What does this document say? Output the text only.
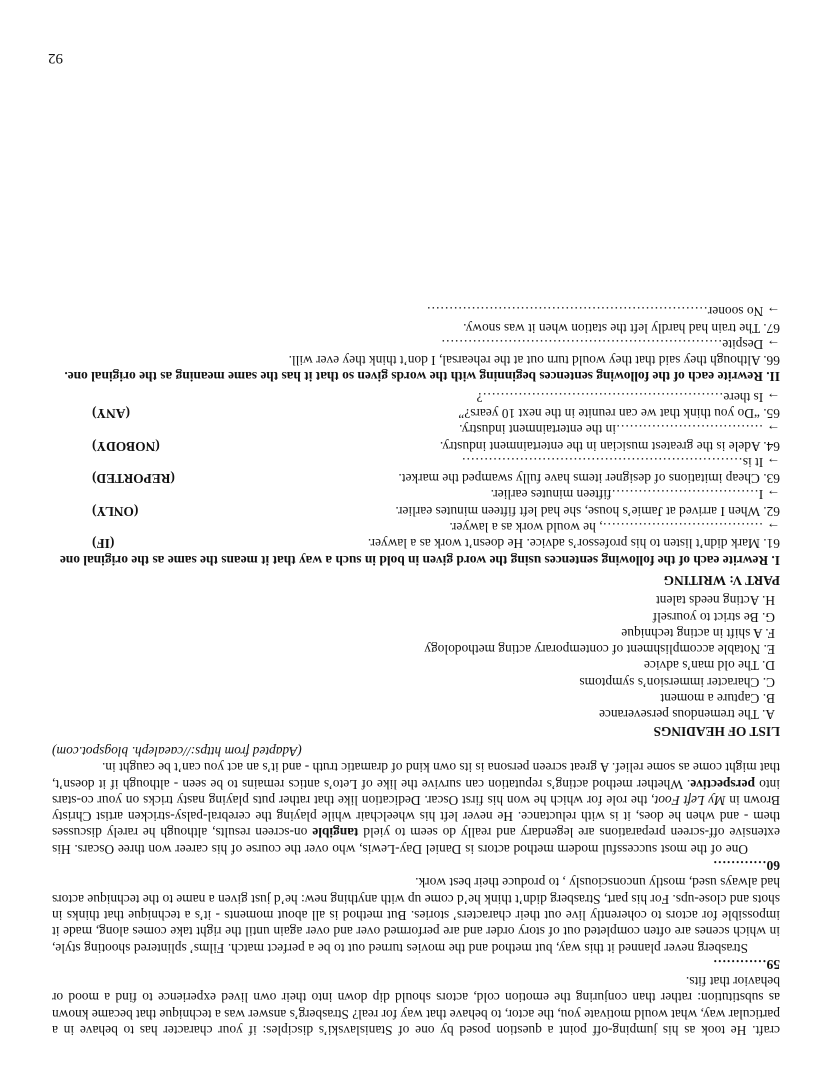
craft. He took as his jumping-off point a question posed by one of Stanislavski’s disciples: if your character has to behave in a particular way, what would motivate you, the actor, to behave that way for real? Strasberg’s answer was a technique that became known as substitution: rather than conjuring the emotion cold, actors should dip down into their own lived experience to find a mood or behavior that fits.

59…………

Strasberg never planned it this way, but method and the movies turned out to be a perfect match. Films’ splintered shooting style, in which scenes are often completed out of story order and are performed over and over again until the right take comes along, made it impossible for actors to coherently live out their characters’ stories. But method is all about moments - it’s a technique that thinks in shots and close-ups. For his part, Strasberg didn’t think he’d come up with anything new: he’d just given a name to the technique actors had always used, mostly unconsciously , to produce their best work.

60…………

One of the most successful modern method actors is Daniel Day-Lewis, who over the course of his career won three Oscars. His extensive off-screen preparations are legendary and really do seem to yield tangible on-screen results, although he rarely discusses them - and when he does, it is with reluctance. He never left his wheelchair while playing the cerebral-palsy-stricken artist Christy Brown in My Left Foot, the role for which he won his first Oscar. Dedication like that rather puts playing nasty tricks on your co-stars into perspective. Whether method acting’s reputation can survive the like of Leto’s antics remains to be seen - although if it doesn’t, that might come as some relief. A great screen persona is its own kind of dramatic truth - and it’s an act you can’t be caught in.

(Adapted from https://caealeph. blogspot.com)

LIST OF HEADINGS
A. The tremendous perseverance
B. Capture a moment
C. Character immersion’s symptoms
D. The old man’s advice
E. Notable accomplishment of contemporary acting methodology
F. A shift in acting technique
G. Be strict to yourself
H. Acting needs talent
PART V: WRITING

I. Rewrite each of the following sentences using the word given in bold in such a way that it means the same as the original one

61. Mark didn’t listen to his professor’s advice. He doesn’t work as a lawyer.
(IF)
→ ………………………………, he would work as a lawyer.
62. When I arrived at Jamie’s house, she had left fifteen minutes earlier.
(ONLY)
→ I……………………………fifteen minutes earlier.
63. Cheap imitations of designer items have fully swamped the market.
(REPORTED)
→ It is………………………………………………………
64. Adele is the greatest musician in the entertainment industry.
(NOBODY)
→ ……………………………in the entertainment industry.
65. “Do you think that we can reunite in the next 10 years?”
(ANY)
→ Is there………………………………………………?

II. Rewrite each of the following sentences beginning with the words given so that it has the same meaning as the original one.

66. Although they said that they would turn out at the rehearsal, I don’t think they ever will.
→ Despite………………………………………………………
67. The train had hardly left the station when it was snowy.
→ No sooner………………………………………………………
92
